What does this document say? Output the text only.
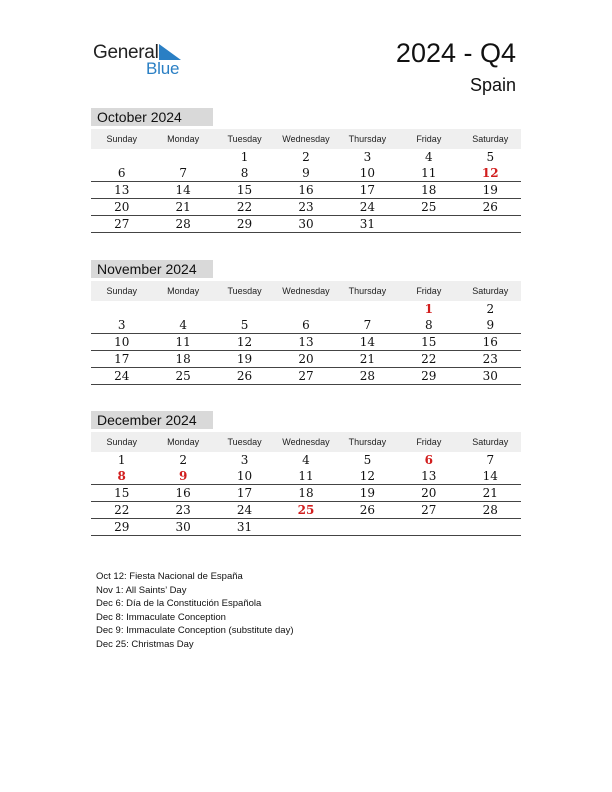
General
Blue
2024 - Q4
Spain
October 2024
Sunday	Monday	Tuesday	Wednesday	Thursday	Friday	Saturday
		1	2	3	4	5
6	7	8	9	10	11	12
13	14	15	16	17	18	19
20	21	22	23	24	25	26
27	28	29	30	31		
November 2024
Sunday	Monday	Tuesday	Wednesday	Thursday	Friday	Saturday
					1	2
3	4	5	6	7	8	9
10	11	12	13	14	15	16
17	18	19	20	21	22	23
24	25	26	27	28	29	30
December 2024
Sunday	Monday	Tuesday	Wednesday	Thursday	Friday	Saturday
1	2	3	4	5	6	7
8	9	10	11	12	13	14
15	16	17	18	19	20	21
22	23	24	25	26	27	28
29	30	31				
Oct 12: Fiesta Nacional de España
Nov 1: All Saints’ Day
Dec 6: Día de la Constitución Española
Dec 8: Immaculate Conception
Dec 9: Immaculate Conception (substitute day)
Dec 25: Christmas Day
